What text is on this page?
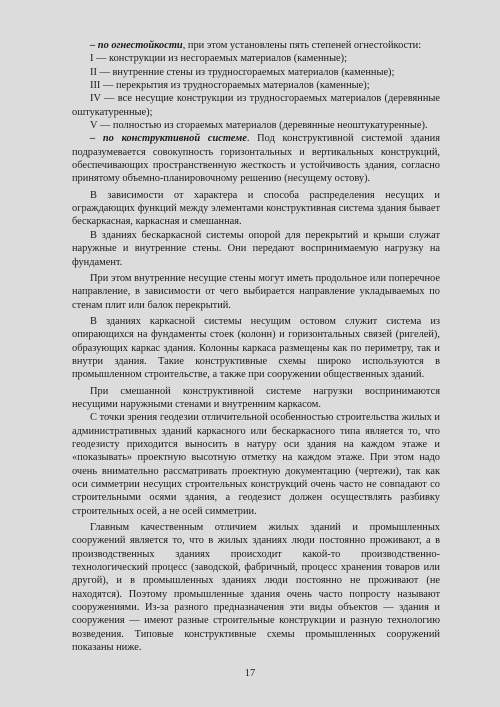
– по огнестойкости, при этом установлены пять степеней огнестойкости:

I — конструкции из несгораемых материалов (каменные);

II — внутренние стены из трудносгораемых материалов (каменные);

III — перекрытия из трудносгораемых материалов (каменные);

IV — все несущие конструкции из трудносгораемых материалов (деревянные оштукатуренные);

V — полностью из сгораемых материалов (деревянные неоштукатуренные).

– по конструктивной системе. Под конструктивной системой здания подразумевается совокупность горизонтальных и вертикальных конструкций, обеспечивающих пространственную жесткость и устойчивость здания, согласно принятому объемно-планировочному решению (несущему остову).

В зависимости от характера и способа распределения несущих и ограждающих функций между элементами конструктивная система здания бывает бескаркасная, каркасная и смешанная.

В зданиях бескаркасной системы опорой для перекрытий и крыши служат наружные и внутренние стены. Они передают воспринимаемую нагрузку на фундамент.

При этом внутренние несущие стены могут иметь продольное или поперечное направление, в зависимости от чего выбирается направление укладываемых по стенам плит или балок перекрытий.

В зданиях каркасной системы несущим остовом служит система из опирающихся на фундаменты стоек (колонн) и горизонтальных связей (ригелей), образующих каркас здания. Колонны каркаса размещены как по периметру, так и внутри здания. Такие конструктивные схемы широко используются в промышленном строительстве, а также при сооружении общественных зданий.

При смешанной конструктивной системе нагрузки воспринимаются несущими наружными стенами и внутренним каркасом.

С точки зрения геодезии отличительной особенностью строительства жилых и административных зданий каркасного или бескаркасного типа является то, что геодезисту приходится выносить в натуру оси здания на каждом этаже и «показывать» проектную высотную отметку на каждом этаже. При этом надо очень внимательно рассматривать проектную документацию (чертежи), так как оси симметрии несущих строительных конструкций очень часто не совпадают со строительными осями здания, а геодезист должен осуществлять разбивку строительных осей, а не осей симметрии.

Главным качественным отличием жилых зданий и промышленных сооружений является то, что в жилых зданиях люди постоянно проживают, а в производственных зданиях происходит какой-то производственно-технологический процесс (заводской, фабричный, процесс хранения товаров или другой), и в промышленных зданиях люди постоянно не проживают (не находятся). Поэтому промышленные здания очень часто попросту называют сооружениями. Из-за разного предназначения эти виды объектов — здания и сооружения — имеют разные строительные конструкции и разную технологию возведения. Типовые конструктивные схемы промышленных сооружений показаны ниже.

17
